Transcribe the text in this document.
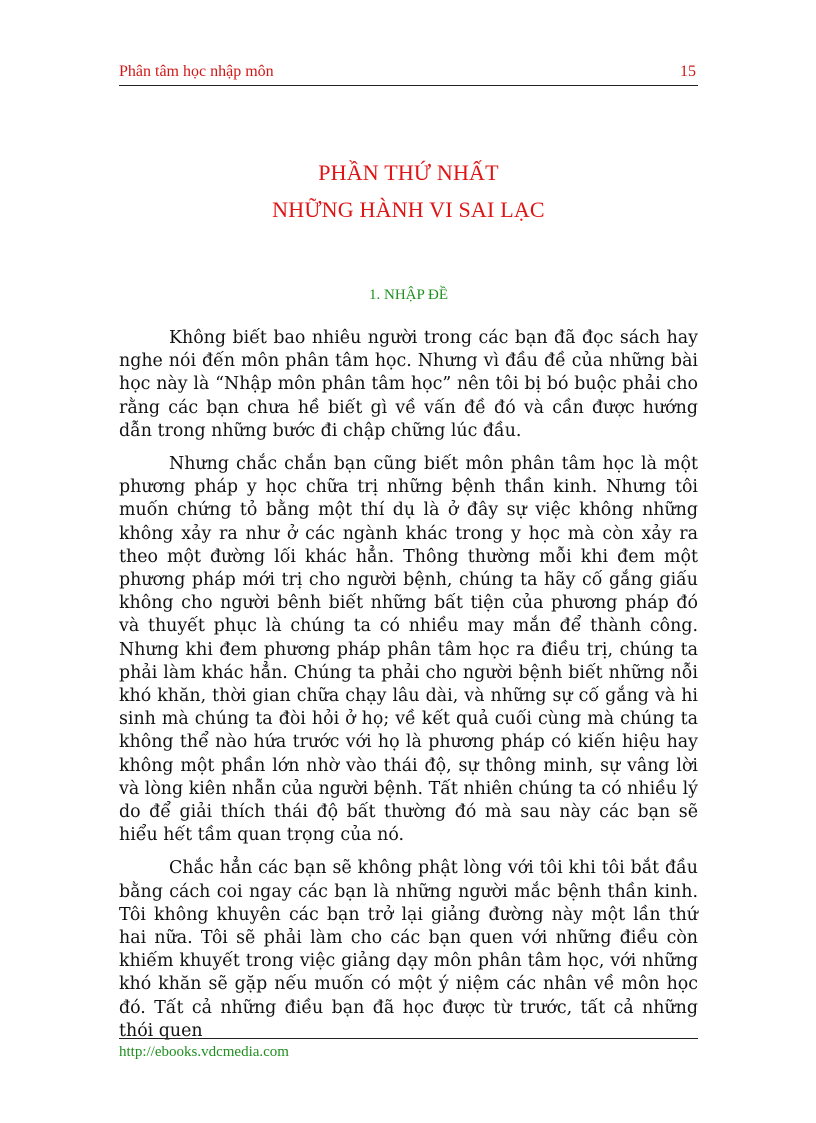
Phân tâm học nhập môn	15
PHẦN THỨ NHẤT
NHỮNG HÀNH VI SAI LẠC
1. NHẬP ĐỀ

Không biết bao nhiêu người trong các bạn đã đọc sách hay nghe nói đến môn phân tâm học. Nhưng vì đầu đề của những bài học này là “Nhập môn phân tâm học” nên tôi bị bó buộc phải cho rằng các bạn chưa hề biết gì về vấn đề đó và cần được hướng dẫn trong những bước đi chập chững lúc đầu.

Nhưng chắc chắn bạn cũng biết môn phân tâm học là một phương pháp y học chữa trị những bệnh thần kinh. Nhưng tôi muốn chứng tỏ bằng một thí dụ là ở đây sự việc không những không xảy ra như ở các ngành khác trong y học mà còn xảy ra theo một đường lối khác hẳn. Thông thường mỗi khi đem một phương pháp mới trị cho người bệnh, chúng ta hãy cố gắng giấu không cho người bênh biết những bất tiện của phương pháp đó và thuyết phục là chúng ta có nhiều may mắn để thành công. Nhưng khi đem phương pháp phân tâm học ra điều trị, chúng ta phải làm khác hẳn. Chúng ta phải cho người bệnh biết những nỗi khó khăn, thời gian chữa chạy lâu dài, và những sự cố gắng và hi sinh mà chúng ta đòi hỏi ở họ; về kết quả cuối cùng mà chúng ta không thể nào hứa trước với họ là phương pháp có kiến hiệu hay không một phần lớn nhờ vào thái độ, sự thông minh, sự vâng lời và lòng kiên nhẫn của người bệnh. Tất nhiên chúng ta có nhiều lý do để giải thích thái độ bất thường đó mà sau này các bạn sẽ hiểu hết tầm quan trọng của nó.

Chắc hẳn các bạn sẽ không phật lòng với tôi khi tôi bắt đầu bằng cách coi ngay các bạn là những người mắc bệnh thần kinh. Tôi không khuyên các bạn trở lại giảng đường này một lần thứ hai nữa. Tôi sẽ phải làm cho các bạn quen với những điều còn khiếm khuyết trong việc giảng dạy môn phân tâm học, với những khó khăn sẽ gặp nếu muốn có một ý niệm các nhân về môn học đó. Tất cả những điều bạn đã học được từ trước, tất cả những thói quen

http://ebooks.vdcmedia.com
